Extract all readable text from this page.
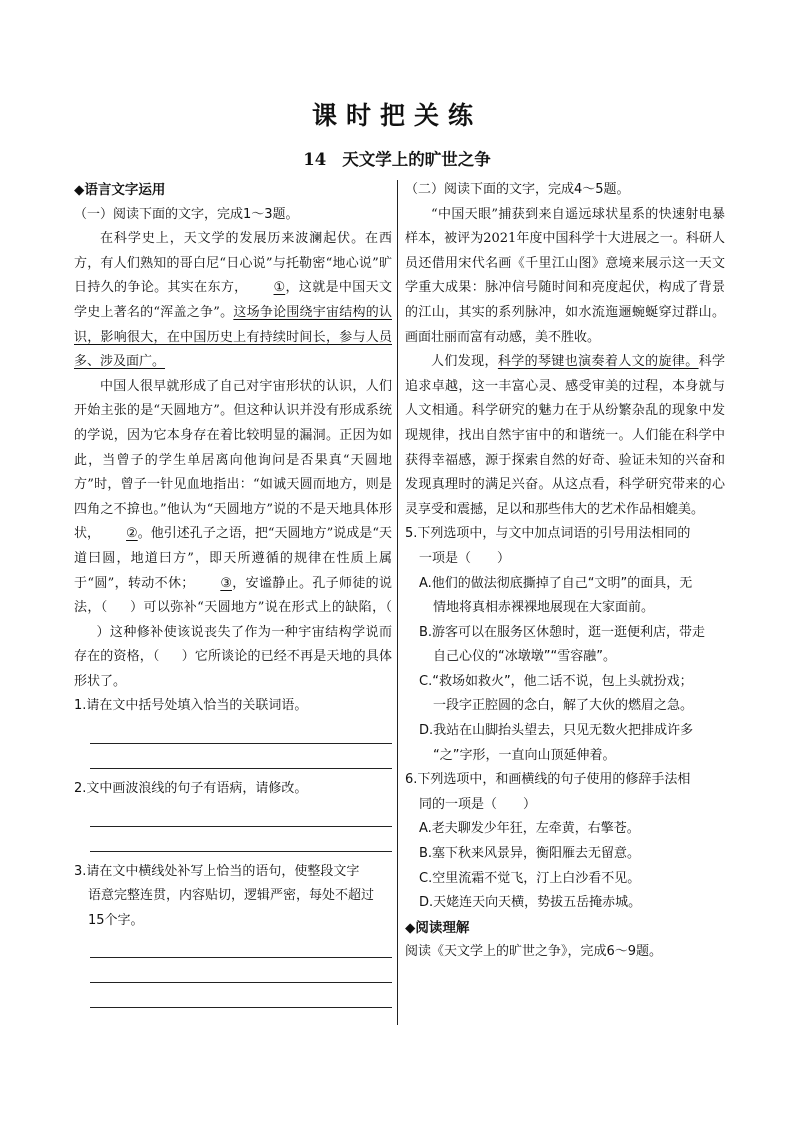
课时把关练
14 天文学上的旷世之争
◆语言文字运用
（一）阅读下面的文字，完成1～3题。

在科学史上，天文学的发展历来波澜起伏。在西方，有人们熟知的哥白尼“日心说”与托勒密“地心说”旷日持久的争论。其实在东方， ①，这就是中国天文学史上著名的“浑盖之争”。这场争论围绕宇宙结构的认识，影响很大，在中国历史上有持续时间长，参与人员多、涉及面广。

中国人很早就形成了自己对宇宙形状的认识，人们开始主张的是“天圆地方”。但这种认识并没有形成系统的学说，因为它本身存在着比较明显的漏洞。正因为如此，当曾子的学生单居离向他询问是否果真“天圆地方”时，曾子一针见血地指出：“如诚天圆而地方，则是四角之不揜也。”他认为“天圆地方”说的不是天地具体形状， ②。他引述孔子之语，把“天圆地方”说成是“天道曰圆，地道曰方”，即天所遵循的规律在性质上属于“圆”，转动不休； ③，安谧静止。孔子师徒的说法，（ ）可以弥补“天圆地方”说在形式上的缺陷，（）这种修补使该说丧失了作为一种宇宙结构学说而存在的资格，（ ）它所谈论的已经不再是天地的具体形状了。

1.请在文中括号处填入恰当的关联词语。
2.文中画波浪线的句子有语病，请修改。
3.请在文中横线处补写上恰当的语句，使整段文字
语意完整连贯，内容贴切，逻辑严密，每处不超过
15个字。
（二）阅读下面的文字，完成4～5题。

“中国天眼”捕获到来自遥远球状星系的快速射电暴样本，被评为2021年度中国科学十大进展之一。科研人员还借用宋代名画《千里江山图》意境来展示这一天文学重大成果：脉冲信号随时间和亮度起伏，构成了背景的江山，其实的系列脉冲，如水流迤逦蜿蜒穿过群山。画面壮丽而富有动感，美不胜收。

人们发现，科学的琴键也演奏着人文的旋律。科学追求卓越，这一丰富心灵、感受审美的过程，本身就与人文相通。科学研究的魅力在于从纷繁杂乱的现象中发现规律，找出自然宇宙中的和谐统一。人们能在科学中获得幸福感，源于探索自然的好奇、验证未知的兴奋和发现真理时的满足兴奋。从这点看，科学研究带来的心灵享受和震撼，足以和那些伟大的艺术作品相媲美。

5.下列选项中，与文中加点词语的引号用法相同的
一项是（　　）
A.他们的做法彻底撕掉了自己“文明”的面具，无
情地将真相赤裸裸地展现在大家面前。
B.游客可以在服务区休憩时，逛一逛便利店，带走
自己心仪的“冰墩墩”“雪容融”。
C.“救场如救火”，他二话不说，包上头就扮戏；
一段字正腔圆的念白，解了大伙的燃眉之急。
D.我站在山脚抬头望去，只见无数火把排成许多
“之”字形，一直向山顶延伸着。
6.下列选项中，和画横线的句子使用的修辞手法相
同的一项是（　　）
A.老夫聊发少年狂，左牵黄，右擎苍。
B.塞下秋来风景异，衡阳雁去无留意。
C.空里流霜不觉飞，汀上白沙看不见。
D.天姥连天向天横，势拔五岳掩赤城。
◆阅读理解
阅读《天文学上的旷世之争》，完成6～9题。
